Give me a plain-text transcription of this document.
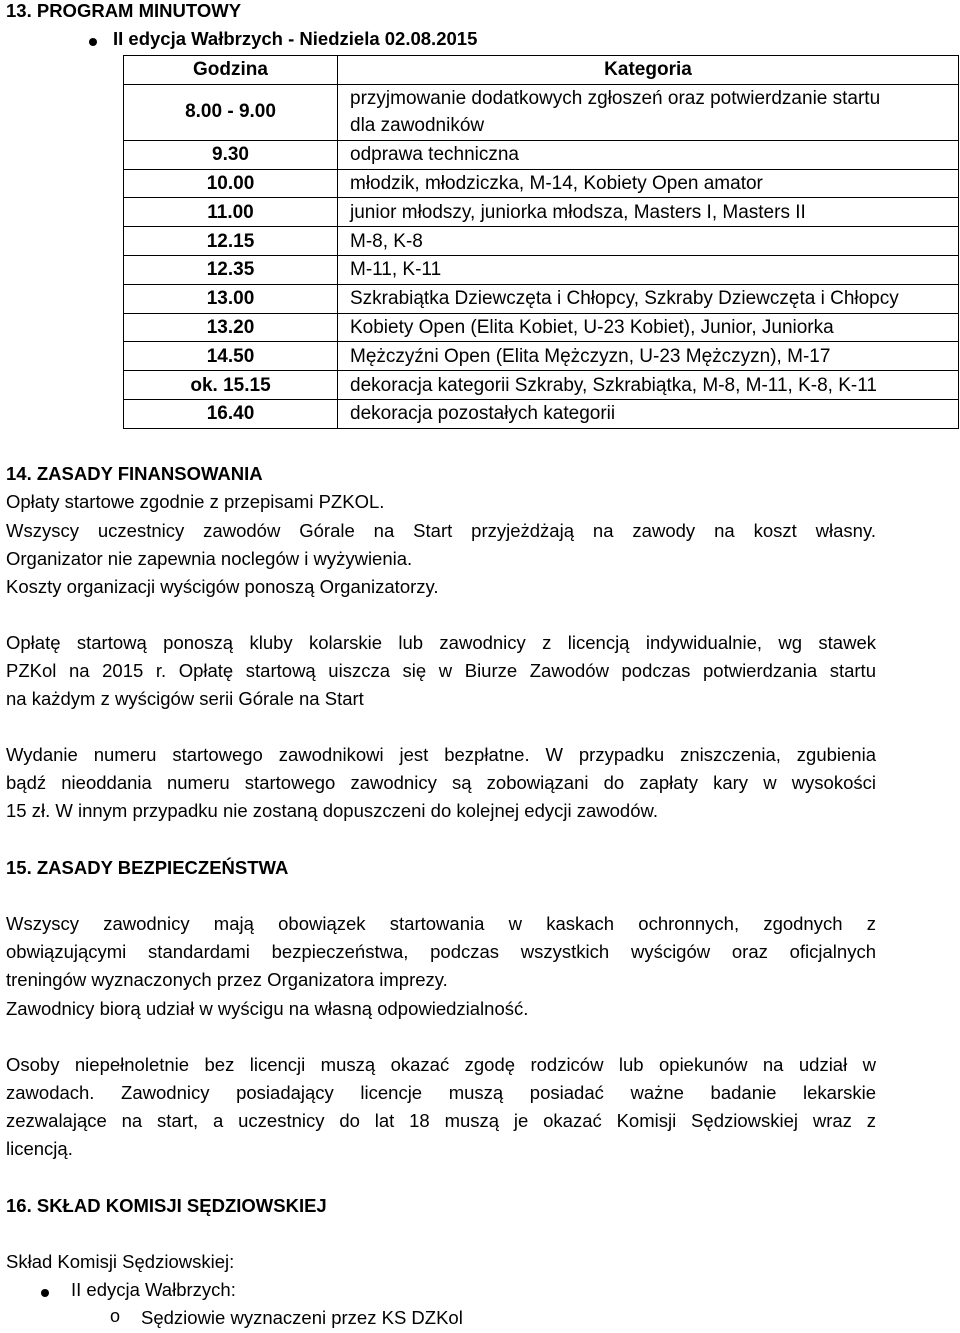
13. PROGRAM MINUTOWY
II edycja Wałbrzych - Niedziela 02.08.2015
Godzina	Kategoria
8.00 - 9.00	przyjmowanie dodatkowych zgłoszeń oraz potwierdzanie startu
dla zawodników

9.30	odprawa techniczna
10.00	młodzik, młodziczka, M-14, Kobiety Open amator
11.00	junior młodszy, juniorka młodsza, Masters I, Masters II
12.15	M-8, K-8
12.35	M-11, K-11
13.00	Szkrabiątka Dziewczęta i Chłopcy, Szkraby Dziewczęta i Chłopcy
13.20	Kobiety Open (Elita Kobiet, U-23 Kobiet), Junior, Juniorka
14.50	Mężczyźni Open (Elita Mężczyzn, U-23 Mężczyzn), M-17
ok. 15.15	dekoracja kategorii Szkraby, Szkrabiątka, M-8, M-11, K-8, K-11
16.40	dekoracja pozostałych kategorii
14. ZASADY FINANSOWANIA
Opłaty startowe zgodnie z przepisami PZKOL.
Wszyscy uczestnicy zawodów Górale na Start przyjeżdżają na zawody na koszt własny.
Organizator nie zapewnia noclegów i wyżywienia.
Koszty organizacji wyścigów ponoszą Organizatorzy.
Opłatę startową ponoszą kluby kolarskie lub zawodnicy z licencją indywidualnie, wg stawek
PZKol na 2015 r. Opłatę startową uiszcza się w Biurze Zawodów podczas potwierdzania startu
na każdym z wyścigów serii Górale na Start
Wydanie numeru startowego zawodnikowi jest bezpłatne. W przypadku zniszczenia, zgubienia
bądź nieoddania numeru startowego zawodnicy są zobowiązani do zapłaty kary w wysokości
15 zł. W innym przypadku nie zostaną dopuszczeni do kolejnej edycji zawodów.
15. ZASADY BEZPIECZEŃSTWA
Wszyscy zawodnicy mają obowiązek startowania w kaskach ochronnych, zgodnych z
obwiązującymi standardami bezpieczeństwa, podczas wszystkich wyścigów oraz oficjalnych
treningów wyznaczonych przez Organizatora imprezy.
Zawodnicy biorą udział w wyścigu na własną odpowiedzialność.
Osoby niepełnoletnie bez licencji muszą okazać zgodę rodziców lub opiekunów na udział w
zawodach. Zawodnicy posiadający licencje muszą posiadać ważne badanie lekarskie
zezwalające na start, a uczestnicy do lat 18 muszą je okazać Komisji Sędziowskiej wraz z
licencją.
16. SKŁAD KOMISJI SĘDZIOWSKIEJ
Skład Komisji Sędziowskiej:
II edycja Wałbrzych:
o Sędziowie wyznaczeni przez KS DZKol
